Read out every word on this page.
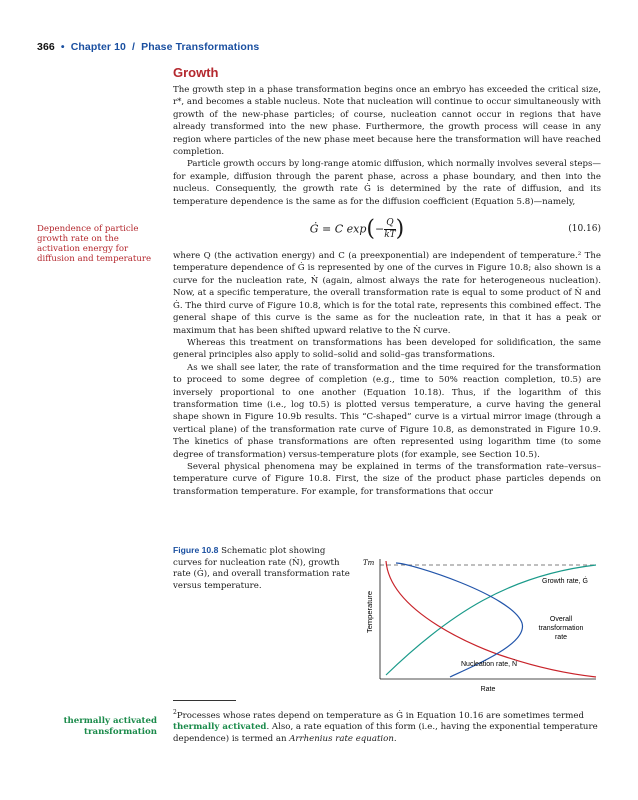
366 • Chapter 10 / Phase Transformations
Growth
Dependence of particle growth rate on the activation energy for diffusion and temperature

The growth step in a phase transformation begins once an embryo has exceeded the critical size, r*, and becomes a stable nucleus. Note that nucleation will continue to occur simultaneously with growth of the new-phase particles; of course, nucleation cannot occur in regions that have already transformed into the new phase. Furthermore, the growth process will cease in any region where particles of the new phase meet because here the transformation will have reached completion.

Particle growth occurs by long-range atomic diffusion, which normally involves several steps—for example, diffusion through the parent phase, across a phase boundary, and then into the nucleus. Consequently, the growth rate Ġ is determined by the rate of diffusion, and its temperature dependence is the same as for the diffusion coefficient (Equation 5.8)—namely,

Ġ = C $\exp(- \frac{Q}{kT}$ )	(10.16)

where Q (the activation energy) and C (a preexponential) are independent of temperature.² The temperature dependence of Ġ is represented by one of the curves in Figure 10.8; also shown is a curve for the nucleation rate, Ṅ (again, almost always the rate for heterogeneous nucleation). Now, at a specific temperature, the overall transformation rate is equal to some product of Ṅ and Ġ. The third curve of Figure 10.8, which is for the total rate, represents this combined effect. The general shape of this curve is the same as for the nucleation rate, in that it has a peak or maximum that has been shifted upward relative to the Ṅ curve.

Whereas this treatment on transformations has been developed for solidification, the same general principles also apply to solid–solid and solid–gas transformations.

As we shall see later, the rate of transformation and the time required for the transformation to proceed to some degree of completion (e.g., time to 50% reaction completion, t0.5) are inversely proportional to one another (Equation 10.18). Thus, if the logarithm of this transformation time (i.e., log t0.5) is plotted versus temperature, a curve having the general shape shown in Figure 10.9b results. This “C-shaped” curve is a virtual mirror image (through a vertical plane) of the transformation rate curve of Figure 10.8, as demonstrated in Figure 10.9. The kinetics of phase transformations are often represented using logarithm time (to some degree of transformation) versus-temperature plots (for example, see Section 10.5).

Several physical phenomena may be explained in terms of the transformation rate–versus–temperature curve of Figure 10.8. First, the size of the product phase particles depends on transformation temperature. For example, for transformations that occur

Figure 10.8 Schematic plot showing curves for nucleation rate (Ṅ), growth rate (Ġ), and overall transformation rate versus temperature.
Tm
Temperature
Growth rate, Ġ
Overall transformation rate
Nucleation rate, Ṅ
Rate
$^2$Processes whose rates depend on temperature as Ġ in Equation 10.16 are sometimes termed thermally activated. Also, a rate equation of this form (i.e., having the exponential temperature dependence) is termed an Arrhenius rate equation.
thermally activated transformation
